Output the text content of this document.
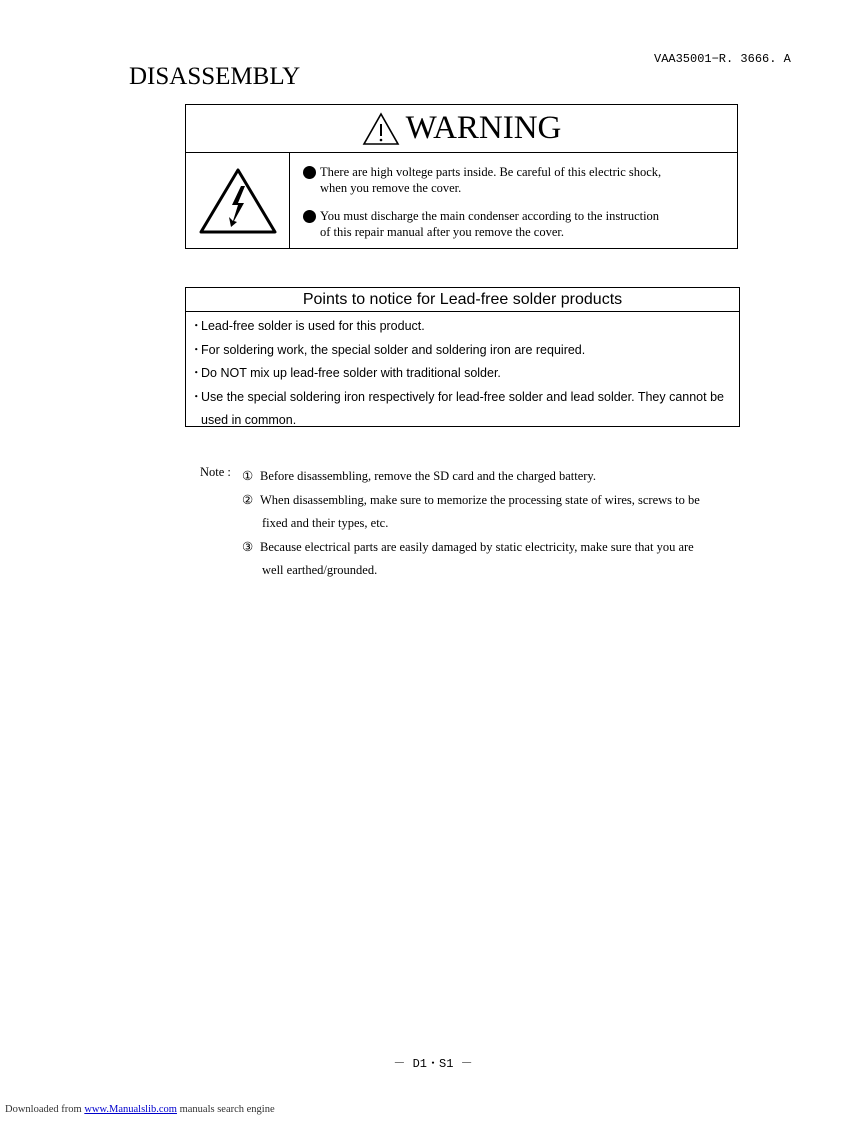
VAA35001−R. 3666. A
DISASSEMBLY
WARNING
There are high voltege parts inside. Be careful of this electric shock,
when you remove the cover.
You must discharge the main condenser according to the instruction
of this repair manual after you remove the cover.
Points to notice for Lead-free solder products
・
Lead-free solder is used for this product.
・
For soldering work, the special solder and soldering iron are required.
・
Do NOT mix up lead-free solder with traditional solder.
・
Use the special soldering iron respectively for lead-free solder and lead solder. They cannot be used in common.
Note : ① Before disassembling, remove the SD card and the charged battery.
② When disassembling, make sure to memorize the processing state of wires, screws to be
fixed and their types, etc.
③ Because electrical parts are easily damaged by static electricity, make sure that you are
well earthed/grounded.
－ D1・S1 －
Downloaded from www.Manualslib.com manuals search engine
